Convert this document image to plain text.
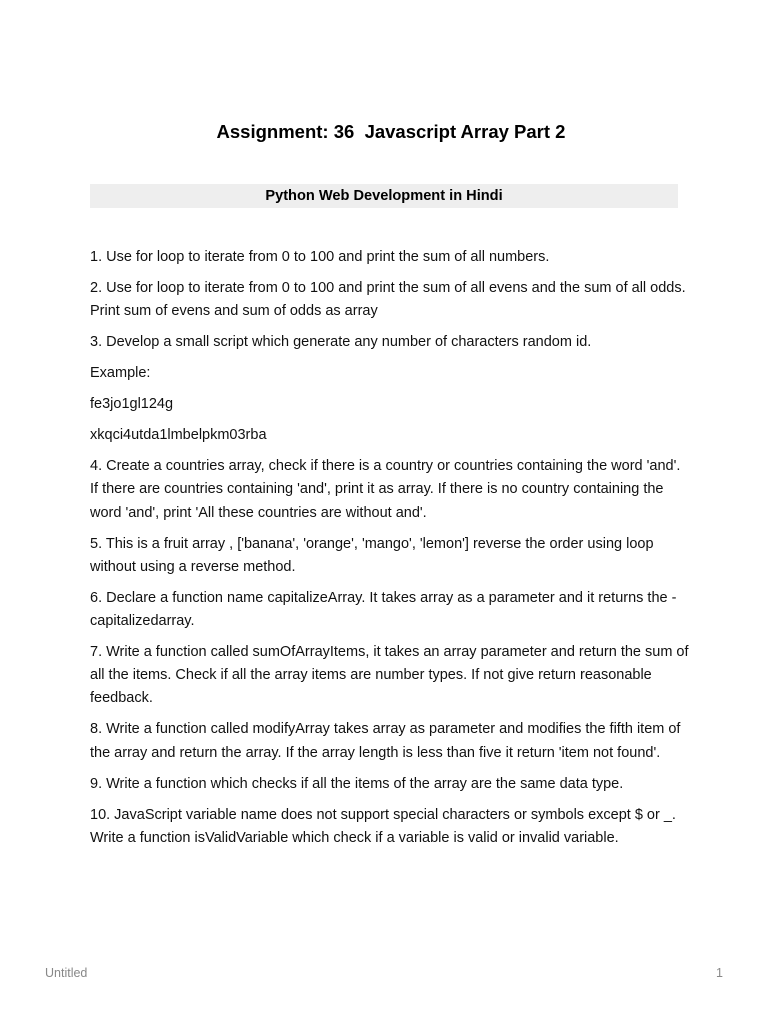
Assignment: 36  Javascript Array Part 2
Python Web Development in Hindi

1. Use for loop to iterate from 0 to 100 and print the sum of all numbers.

2. Use for loop to iterate from 0 to 100 and print the sum of all evens and the sum of all odds. Print sum of evens and sum of odds as array

3. Develop a small script which generate any number of characters random id.

Example:

fe3jo1gl124g

xkqci4utda1lmbelpkm03rba

4. Create a countries array, check if there is a country or countries containing the word 'and'. If there are countries containing 'and', print it as array. If there is no country containing the word 'and', print 'All these countries are without and'.

5. This is a fruit array , ['banana', 'orange', 'mango', 'lemon'] reverse the order using loop without using a reverse method.

6. Declare a function name capitalizeArray. It takes array as a parameter and it returns the - capitalizedarray.

7. Write a function called sumOfArrayItems, it takes an array parameter and return the sum of all the items. Check if all the array items are number types. If not give return reasonable feedback.

8. Write a function called modifyArray takes array as parameter and modifies the fifth item of the array and return the array. If the array length is less than five it return 'item not found'.

9. Write a function which checks if all the items of the array are the same data type.

10. JavaScript variable name does not support special characters or symbols except $ or _. Write a function isValidVariable which check if a variable is valid or invalid variable.

Untitled	1
